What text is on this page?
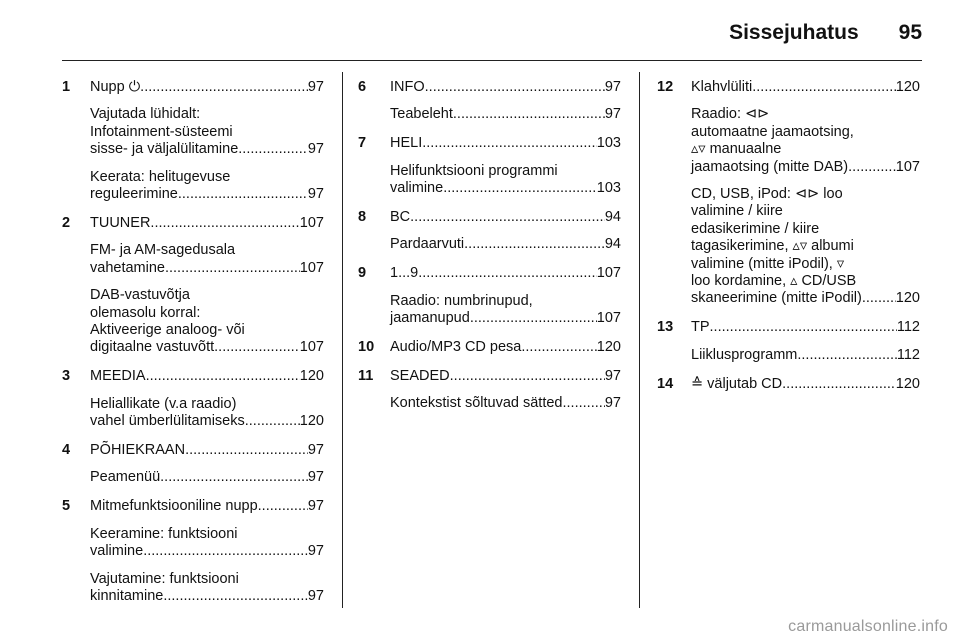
Sissejuhatus 95
1	Nupp ⏻ .....	97
Vajutada lühidalt:
Infotainment-süsteemi
sisse- ja väljalülitamine .....	97
Keerata: helitugevuse
reguleerimine .....	97
2	TUUNER .....	107
FM- ja AM-sagedusala
vahetamine .....	107
DAB-vastuvõtja
olemasolu korral:
Aktiveerige analoog- või
digitaalne vastuvõtt .....	107
3	MEEDIA .....	120
Heliallikate (v.a raadio)
vahel ümberlülitamiseks .....	120
4	PÕHIEKRAAN .....	97
Peamenüü .....	97
5	Mitmefunktsiooniline nupp .....	97
Keeramine: funktsiooni
valimine .....	97
Vajutamine: funktsiooni
kinnitamine .....	97
6	INFO .....	97
Teabeleht .....	97
7	HELI .....	103
Helifunktsiooni programmi
valimine .....	103
8	BC .....	94
Pardaarvuti .....	94
9	1...9 .....	107
Raadio: numbrinupud,
jaamanupud .....	107
10	Audio/MP3 CD pesa .....	120
11	SEADED .....	97
Kontekstist sõltuvad sätted .....	97
12	Klahvlüliti .....	120
Raadio: ⊲⊳
automaatne jaamaotsing,
▵▿ manuaalne
jaamaotsing (mitte DAB) .....	107
CD, USB, iPod: ⊲⊳ loo
valimine / kiire
edasikerimine / kiire
tagasikerimine, ▵▿ albumi
valimine (mitte iPodil), ▿
loo kordamine, ▵ CD/USB
skaneerimine (mitte iPodil) ..... 120
13	TP .....	112
Liiklusprogramm .....	112
14	≙ väljutab CD .....	120
carmanualsonline.info
